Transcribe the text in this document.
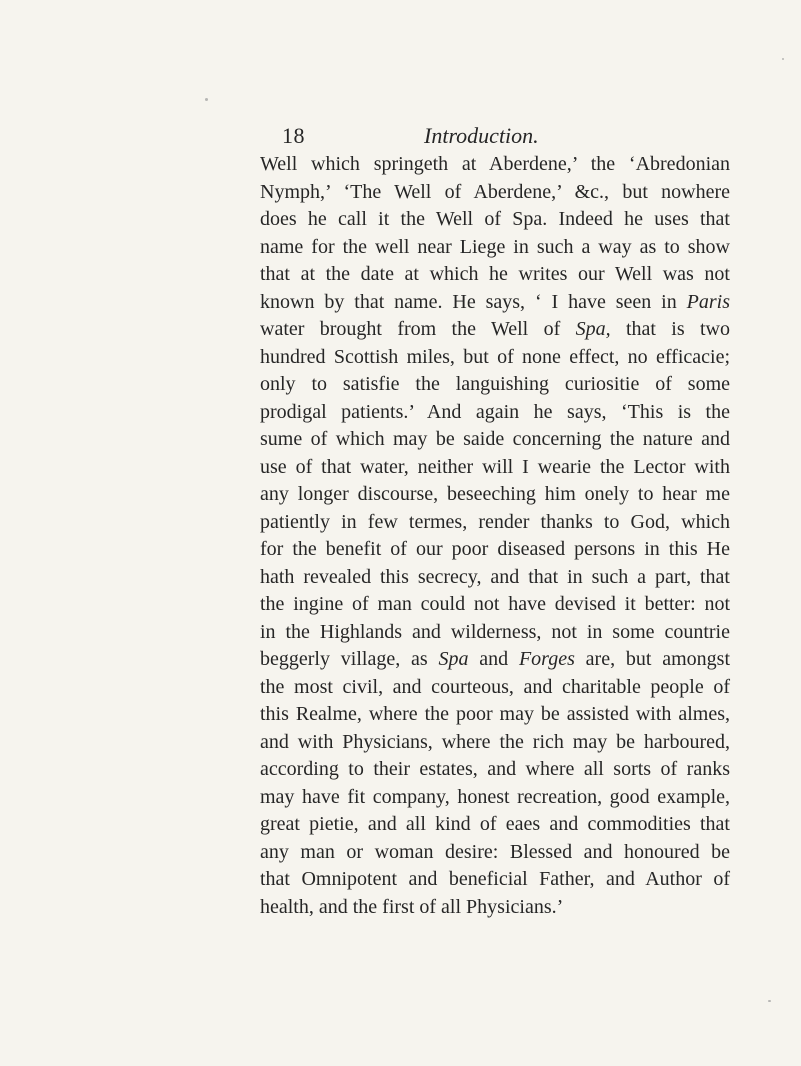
18	Introduction.
Well which springeth at Aberdene,’ the ‘Abredonian
Nymph,’ ‘The Well of Aberdene,’ &c., but nowhere
does he call it the Well of Spa. Indeed he uses that
name for the well near Liege in such a way as to show
that at the date at which he writes our Well was not
known by that name. He says, ‘ I have seen in Paris
water brought from the Well of Spa, that is two
hundred Scottish miles, but of none effect, no efficacie;
only to satisfie the languishing curiositie of some
prodigal patients.’ And again he says, ‘This is the
sume of which may be saide concerning the nature and
use of that water, neither will I wearie the Lector with
any longer discourse, beseeching him onely to hear me
patiently in few termes, render thanks to God, which
for the benefit of our poor diseased persons in this He
hath revealed this secrecy, and that in such a part, that
the ingine of man could not have devised it better: not
in the Highlands and wilderness, not in some countrie
beggerly village, as Spa and Forges are, but amongst
the most civil, and courteous, and charitable people of
this Realme, where the poor may be assisted with almes,
and with Physicians, where the rich may be harboured,
according to their estates, and where all sorts of ranks
may have fit company, honest recreation, good example,
great pietie, and all kind of eaes and commodities that
any man or woman desire: Blessed and honoured be
that Omnipotent and beneficial Father, and Author of
health, and the first of all Physicians.’
